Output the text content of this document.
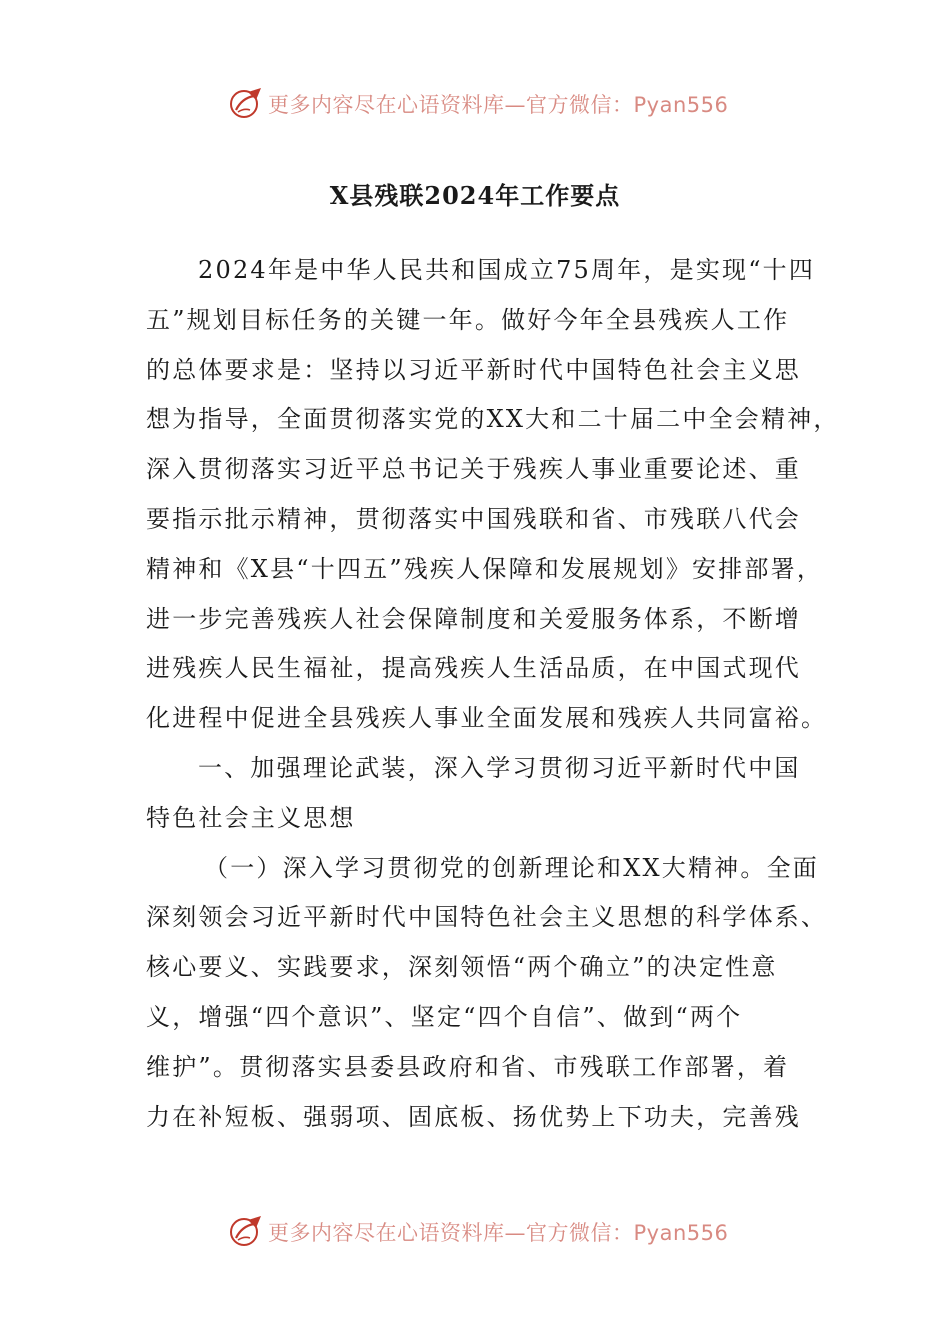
更多内容尽在心语资料库—官方微信：Pyan556
X县残联2024年工作要点
2024年是中华人民共和国成立75周年，是实现“十四
五”规划目标任务的关键一年。做好今年全县残疾人工作
的总体要求是：坚持以习近平新时代中国特色社会主义思
想为指导，全面贯彻落实党的XX大和二十届二中全会精神，
深入贯彻落实习近平总书记关于残疾人事业重要论述、重
要指示批示精神，贯彻落实中国残联和省、市残联八代会
精神和《X县“十四五”残疾人保障和发展规划》安排部署，
进一步完善残疾人社会保障制度和关爱服务体系，不断增
进残疾人民生福祉，提高残疾人生活品质，在中国式现代
化进程中促进全县残疾人事业全面发展和残疾人共同富裕。
一、加强理论武装，深入学习贯彻习近平新时代中国
特色社会主义思想
（一）深入学习贯彻党的创新理论和XX大精神。全面
深刻领会习近平新时代中国特色社会主义思想的科学体系、
核心要义、实践要求，深刻领悟“两个确立”的决定性意
义，增强“四个意识”、坚定“四个自信”、做到“两个
维护”。贯彻落实县委县政府和省、市残联工作部署，着
力在补短板、强弱项、固底板、扬优势上下功夫，完善残
更多内容尽在心语资料库—官方微信：Pyan556
